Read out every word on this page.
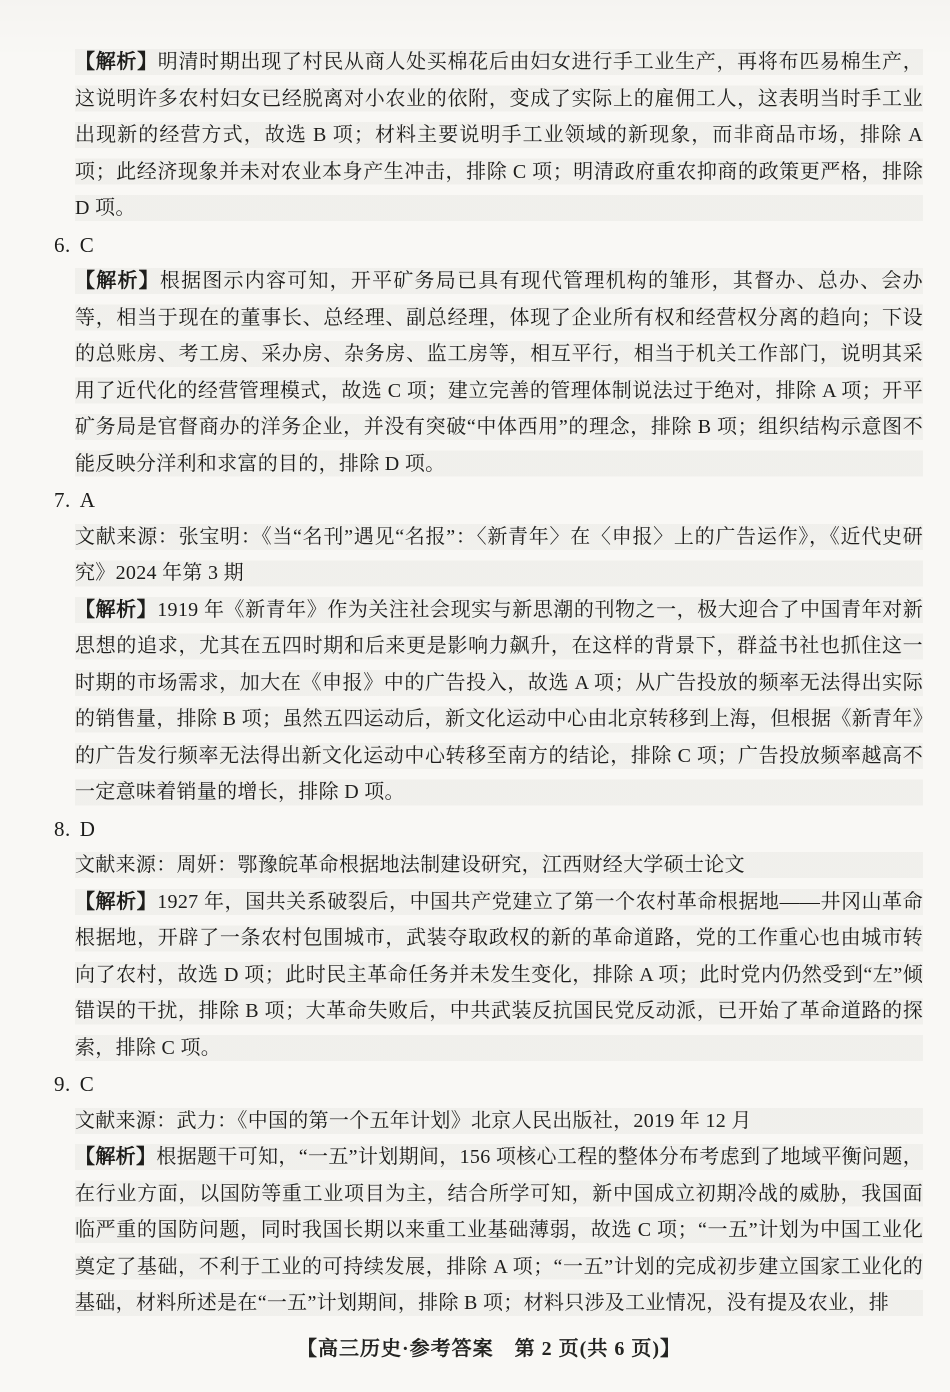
【解析】明清时期出现了村民从商人处买棉花后由妇女进行手工业生产，再将布匹易棉生产，这说明许多农村妇女已经脱离对小农业的依附，变成了实际上的雇佣工人，这表明当时手工业出现新的经营方式，故选 B 项；材料主要说明手工业领域的新现象，而非商品市场，排除 A 项；此经济现象并未对农业本身产生冲击，排除 C 项；明清政府重农抑商的政策更严格，排除 D 项。

6. C

【解析】根据图示内容可知，开平矿务局已具有现代管理机构的雏形，其督办、总办、会办等，相当于现在的董事长、总经理、副总经理，体现了企业所有权和经营权分离的趋向；下设的总账房、考工房、采办房、杂务房、监工房等，相互平行，相当于机关工作部门，说明其采用了近代化的经营管理模式，故选 C 项；建立完善的管理体制说法过于绝对，排除 A 项；开平矿务局是官督商办的洋务企业，并没有突破“中体西用”的理念，排除 B 项；组织结构示意图不能反映分洋利和求富的目的，排除 D 项。

7. A

文献来源：张宝明：《当“名刊”遇见“名报”：〈新青年〉在〈申报〉上的广告运作》，《近代史研究》2024 年第 3 期

【解析】1919 年《新青年》作为关注社会现实与新思潮的刊物之一，极大迎合了中国青年对新思想的追求，尤其在五四时期和后来更是影响力飙升，在这样的背景下，群益书社也抓住这一时期的市场需求，加大在《申报》中的广告投入，故选 A 项；从广告投放的频率无法得出实际的销售量，排除 B 项；虽然五四运动后，新文化运动中心由北京转移到上海，但根据《新青年》的广告发行频率无法得出新文化运动中心转移至南方的结论，排除 C 项；广告投放频率越高不一定意味着销量的增长，排除 D 项。

8. D

文献来源：周妍：鄂豫皖革命根据地法制建设研究，江西财经大学硕士论文

【解析】1927 年，国共关系破裂后，中国共产党建立了第一个农村革命根据地——井冈山革命根据地，开辟了一条农村包围城市，武装夺取政权的新的革命道路，党的工作重心也由城市转向了农村，故选 D 项；此时民主革命任务并未发生变化，排除 A 项；此时党内仍然受到“左”倾错误的干扰，排除 B 项；大革命失败后，中共武装反抗国民党反动派，已开始了革命道路的探索，排除 C 项。

9. C

文献来源：武力：《中国的第一个五年计划》北京人民出版社，2019 年 12 月

【解析】根据题干可知，“一五”计划期间，156 项核心工程的整体分布考虑到了地域平衡问题，在行业方面，以国防等重工业项目为主，结合所学可知，新中国成立初期冷战的威胁，我国面临严重的国防问题，同时我国长期以来重工业基础薄弱，故选 C 项；“一五”计划为中国工业化奠定了基础，不利于工业的可持续发展，排除 A 项；“一五”计划的完成初步建立国家工业化的基础，材料所述是在“一五”计划期间，排除 B 项；材料只涉及工业情况，没有提及农业，排

【高三历史·参考答案　第 2 页(共 6 页)】
